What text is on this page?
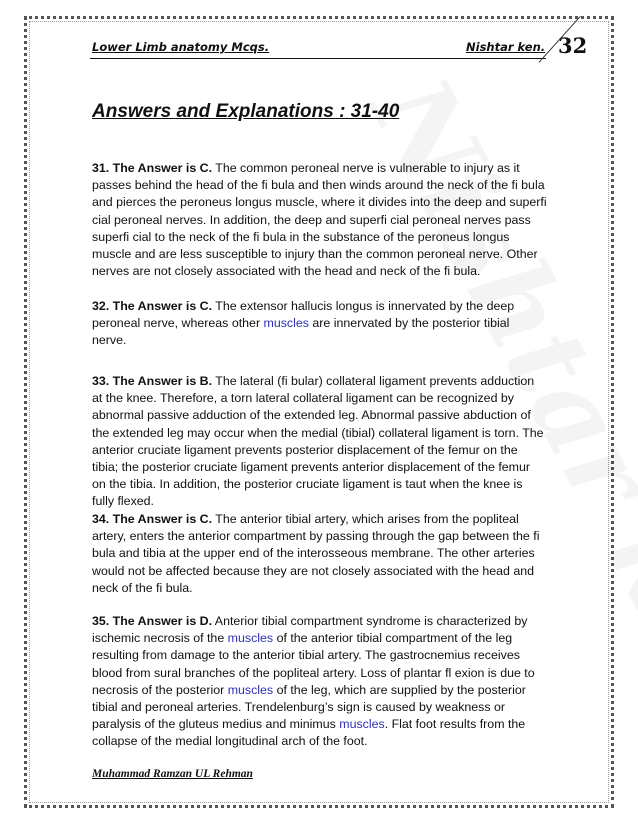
Lower Limb anatomy Mcqs.	Nishtar ken. 32
Answers and Explanations : 31-40

31. The Answer is C. The common peroneal nerve is vulnerable to injury as it passes behind the head of the fi bula and then winds around the neck of the fi bula and pierces the peroneus longus muscle, where it divides into the deep and superfi cial peroneal nerves. In addition, the deep and superfi cial peroneal nerves pass superfi cial to the neck of the fi bula in the substance of the peroneus longus muscle and are less susceptible to injury than the common peroneal nerve. Other nerves are not closely associated with the head and neck of the fi bula.

32. The Answer is C. The extensor hallucis longus is innervated by the deep peroneal nerve, whereas other muscles are innervated by the posterior tibial nerve.

33. The Answer is B. The lateral (fi bular) collateral ligament prevents adduction at the knee. Therefore, a torn lateral collateral ligament can be recognized by abnormal passive adduction of the extended leg. Abnormal passive abduction of the extended leg may occur when the medial (tibial) collateral ligament is torn. The anterior cruciate ligament prevents posterior displacement of the femur on the tibia; the posterior cruciate ligament prevents anterior displacement of the femur on the tibia. In addition, the posterior cruciate ligament is taut when the knee is fully flexed.

34. The Answer is C. The anterior tibial artery, which arises from the popliteal artery, enters the anterior compartment by passing through the gap between the fi bula and tibia at the upper end of the interosseous membrane. The other arteries would not be affected because they are not closely associated with the head and neck of the fi bula.

35. The Answer is D. Anterior tibial compartment syndrome is characterized by ischemic necrosis of the muscles of the anterior tibial compartment of the leg resulting from damage to the anterior tibial artery. The gastrocnemius receives blood from sural branches of the popliteal artery. Loss of plantar fl exion is due to necrosis of the posterior muscles of the leg, which are supplied by the posterior tibial and peroneal arteries. Trendelenburg’s sign is caused by weakness or paralysis of the gluteus medius and minimus muscles. Flat foot results from the collapse of the medial longitudinal arch of the foot.

Muhammad Ramzan UL Rehman
